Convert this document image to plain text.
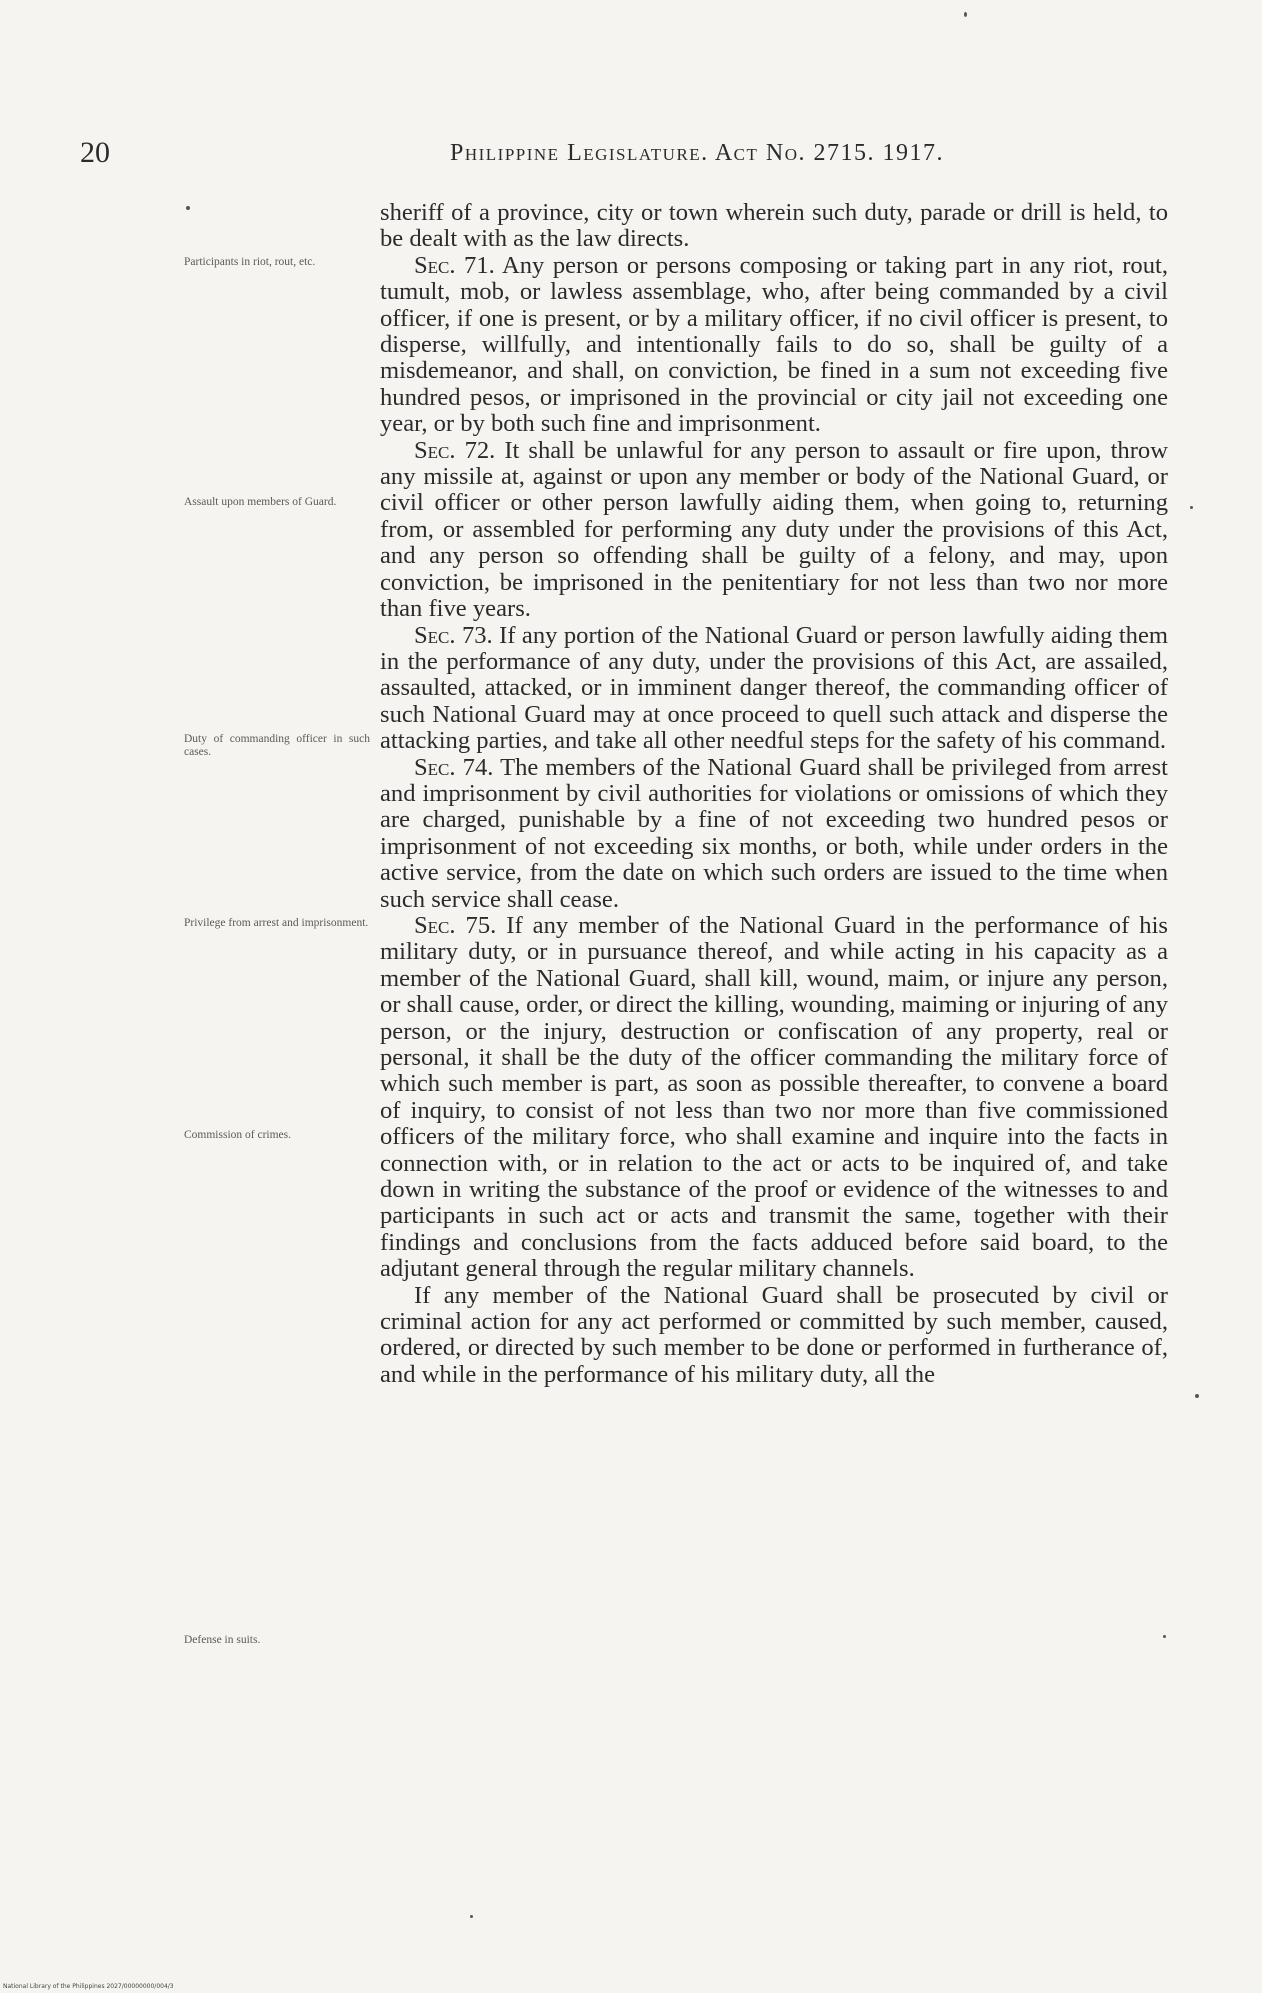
20	Philippine Legislature. Act No. 2715. 1917.
Participants in riot, rout, etc.
Assault upon members of Guard.
Duty of commanding officer in such cases.
Privilege from arrest and imprisonment.
Commission of crimes.
Defense in suits.

sheriff of a province, city or town wherein such duty, parade or drill is held, to be dealt with as the law directs.

Sec. 71. Any person or persons composing or taking part in any riot, rout, tumult, mob, or lawless assemblage, who, after being commanded by a civil officer, if one is present, or by a military officer, if no civil officer is present, to disperse, willfully, and intentionally fails to do so, shall be guilty of a misdemeanor, and shall, on conviction, be fined in a sum not exceeding five hundred pesos, or imprisoned in the provincial or city jail not exceeding one year, or by both such fine and imprisonment.

Sec. 72. It shall be unlawful for any person to assault or fire upon, throw any missile at, against or upon any member or body of the National Guard, or civil officer or other person lawfully aiding them, when going to, returning from, or assembled for performing any duty under the provisions of this Act, and any person so offending shall be guilty of a felony, and may, upon conviction, be imprisoned in the penitentiary for not less than two nor more than five years.

Sec. 73. If any portion of the National Guard or person lawfully aiding them in the performance of any duty, under the provisions of this Act, are assailed, assaulted, attacked, or in imminent danger thereof, the commanding officer of such National Guard may at once proceed to quell such attack and disperse the attacking parties, and take all other needful steps for the safety of his command.

Sec. 74. The members of the National Guard shall be privileged from arrest and imprisonment by civil authorities for violations or omissions of which they are charged, punishable by a fine of not exceeding two hundred pesos or imprisonment of not exceeding six months, or both, while under orders in the active service, from the date on which such orders are issued to the time when such service shall cease.

Sec. 75. If any member of the National Guard in the performance of his military duty, or in pursuance thereof, and while acting in his capacity as a member of the National Guard, shall kill, wound, maim, or injure any person, or shall cause, order, or direct the killing, wounding, maiming or injuring of any person, or the injury, destruction or confiscation of any property, real or personal, it shall be the duty of the officer commanding the military force of which such member is part, as soon as possible thereafter, to convene a board of inquiry, to consist of not less than two nor more than five commissioned officers of the military force, who shall examine and inquire into the facts in connection with, or in relation to the act or acts to be inquired of, and take down in writing the substance of the proof or evidence of the witnesses to and participants in such act or acts and transmit the same, together with their findings and conclusions from the facts adduced before said board, to the adjutant general through the regular military channels.

If any member of the National Guard shall be prosecuted by civil or criminal action for any act performed or committed by such member, caused, ordered, or directed by such member to be done or performed in furtherance of, and while in the performance of his military duty, all the

National Library of the Philippines 2027/00000000/004/3
